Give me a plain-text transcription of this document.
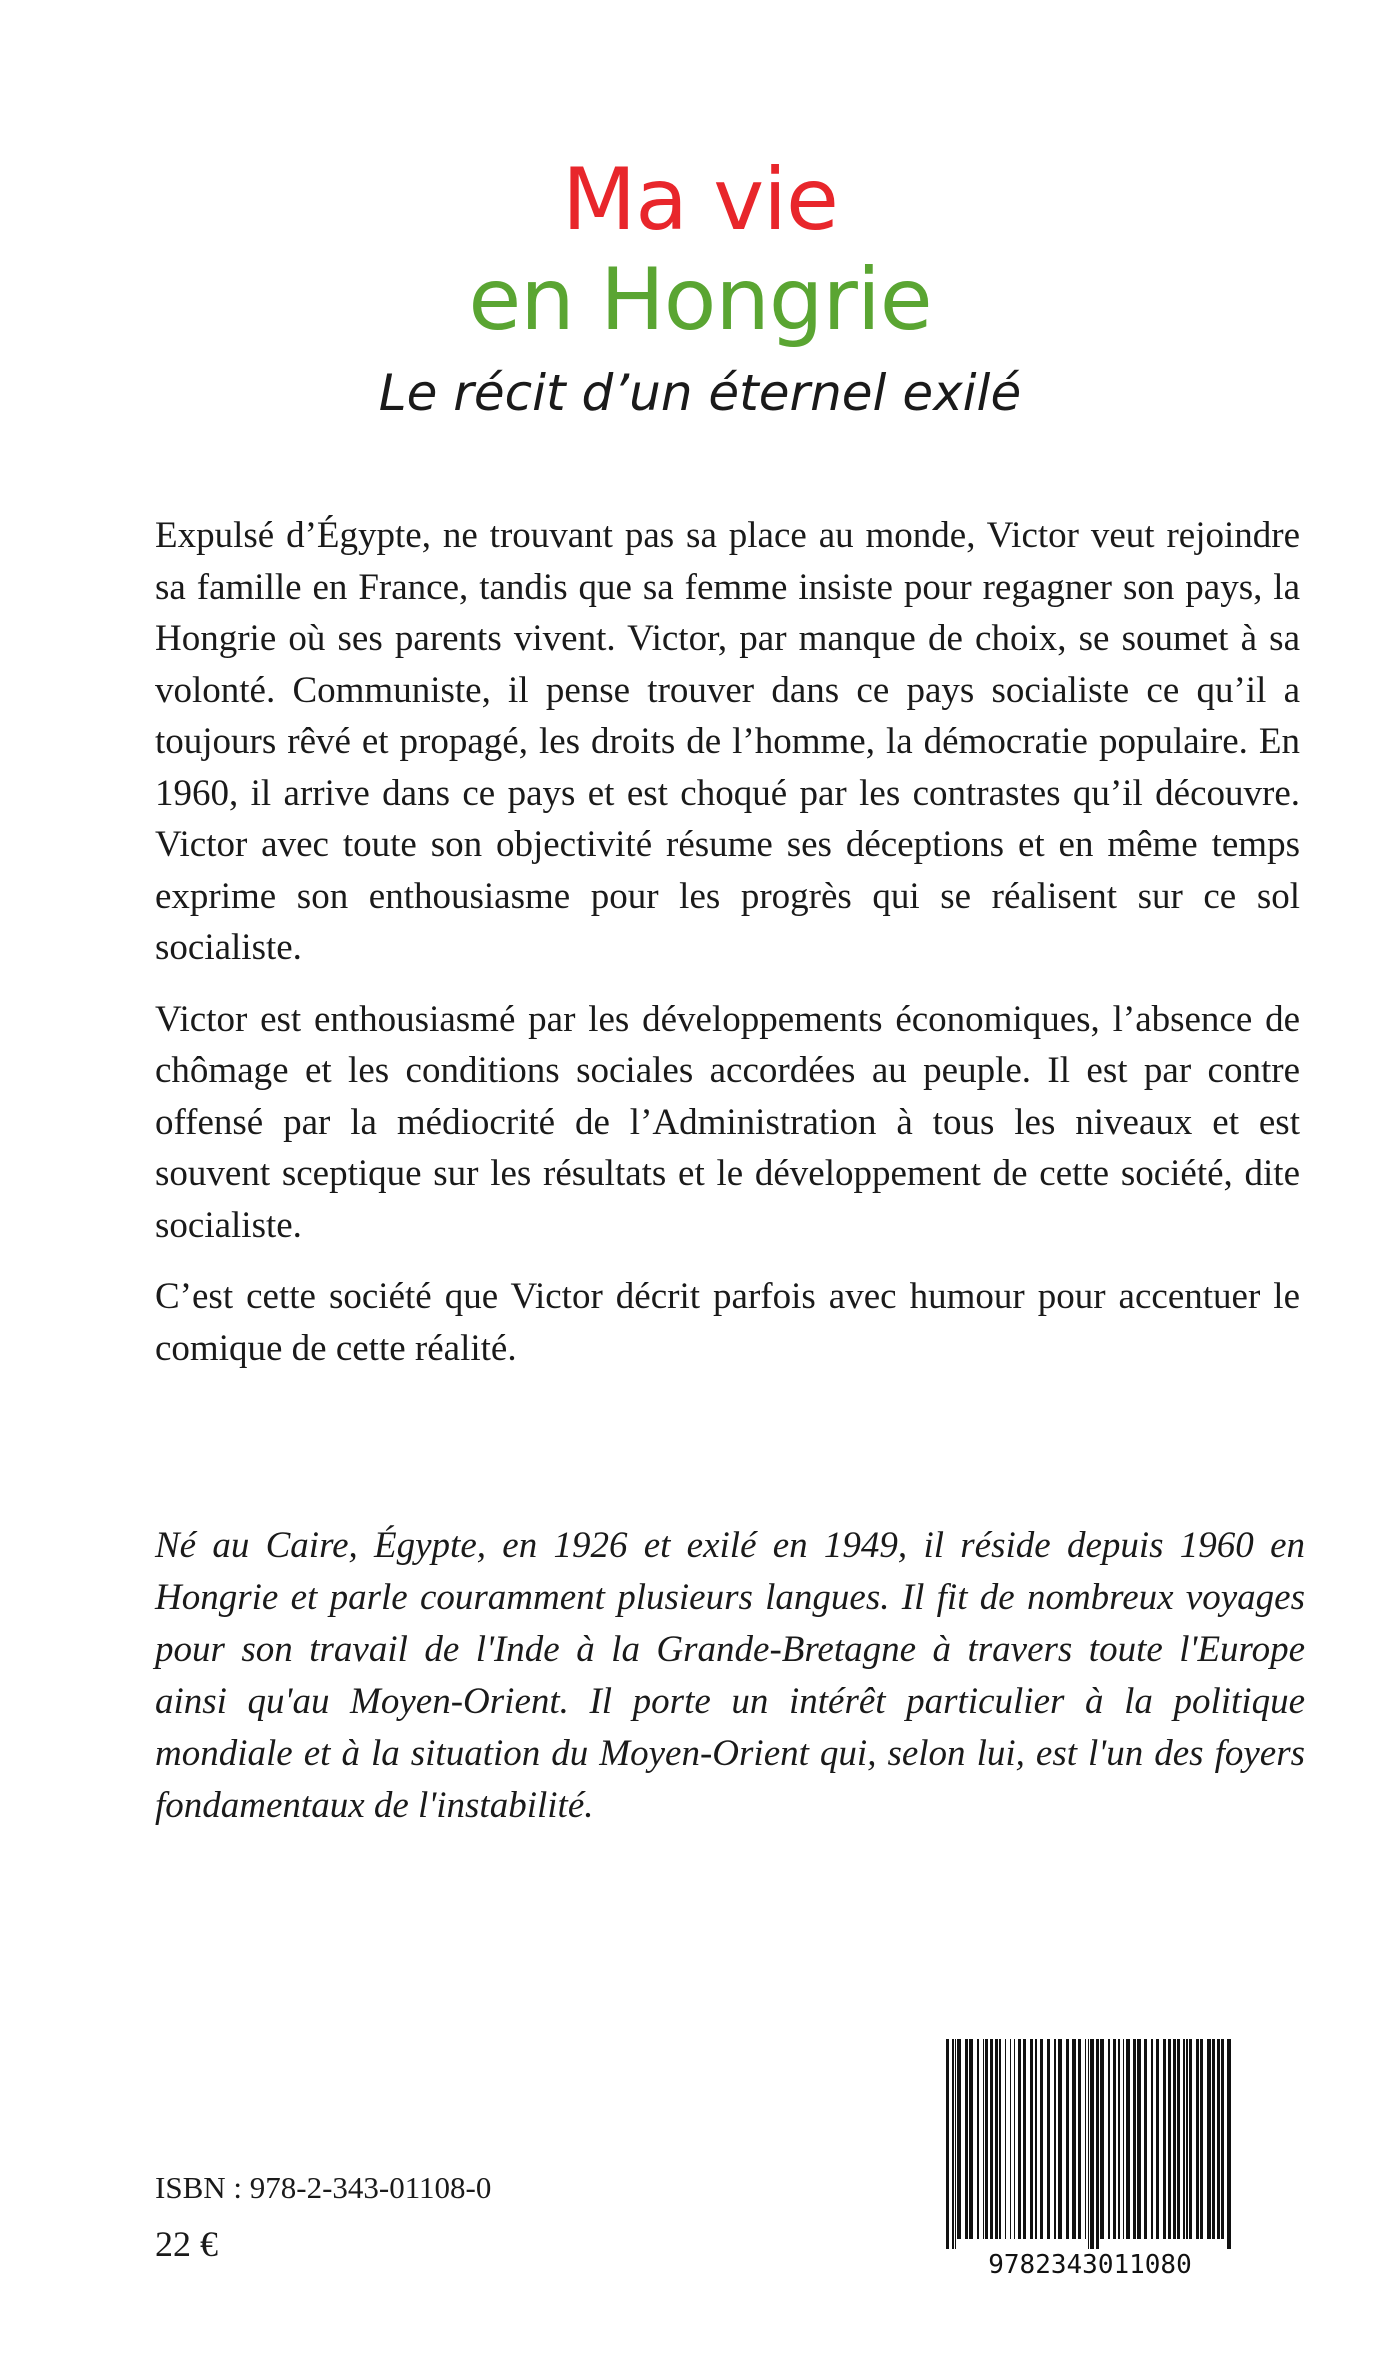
Ma vie
en Hongrie
Le récit d’un éternel exilé

Expulsé d’Égypte, ne trouvant pas sa place au monde, Victor veut rejoindre sa famille en France, tandis que sa femme insiste pour regagner son pays, la Hongrie où ses parents vivent. Victor, par manque de choix, se soumet à sa volonté. Communiste, il pense trouver dans ce pays socialiste ce qu’il a toujours rêvé et propagé, les droits de l’homme, la démocratie populaire. En 1960, il arrive dans ce pays et est choqué par les contrastes qu’il découvre. Victor avec toute son objectivité résume ses déceptions et en même temps exprime son enthousiasme pour les progrès qui se réalisent sur ce sol socialiste.

Victor est enthousiasmé par les développements économiques, l’absence de chômage et les conditions sociales accordées au peuple. Il est par contre offensé par la médiocrité de l’Administration à tous les niveaux et est souvent sceptique sur les résultats et le développement de cette société, dite socialiste.

C’est cette société que Victor décrit parfois avec humour pour accentuer le comique de cette réalité.

Né au Caire, Égypte, en 1926 et exilé en 1949, il réside depuis 1960 en Hongrie et parle couramment plusieurs langues. Il fit de nombreux voyages pour son travail de l'Inde à la Grande-Bretagne à travers toute l'Europe ainsi qu'au Moyen-Orient. Il porte un intérêt particulier à la politique mondiale et à la situation du Moyen-Orient qui, selon lui, est l'un des foyers fondamentaux de l'instabilité.

ISBN : 978-2-343-01108-0
22 €
9782343011080
